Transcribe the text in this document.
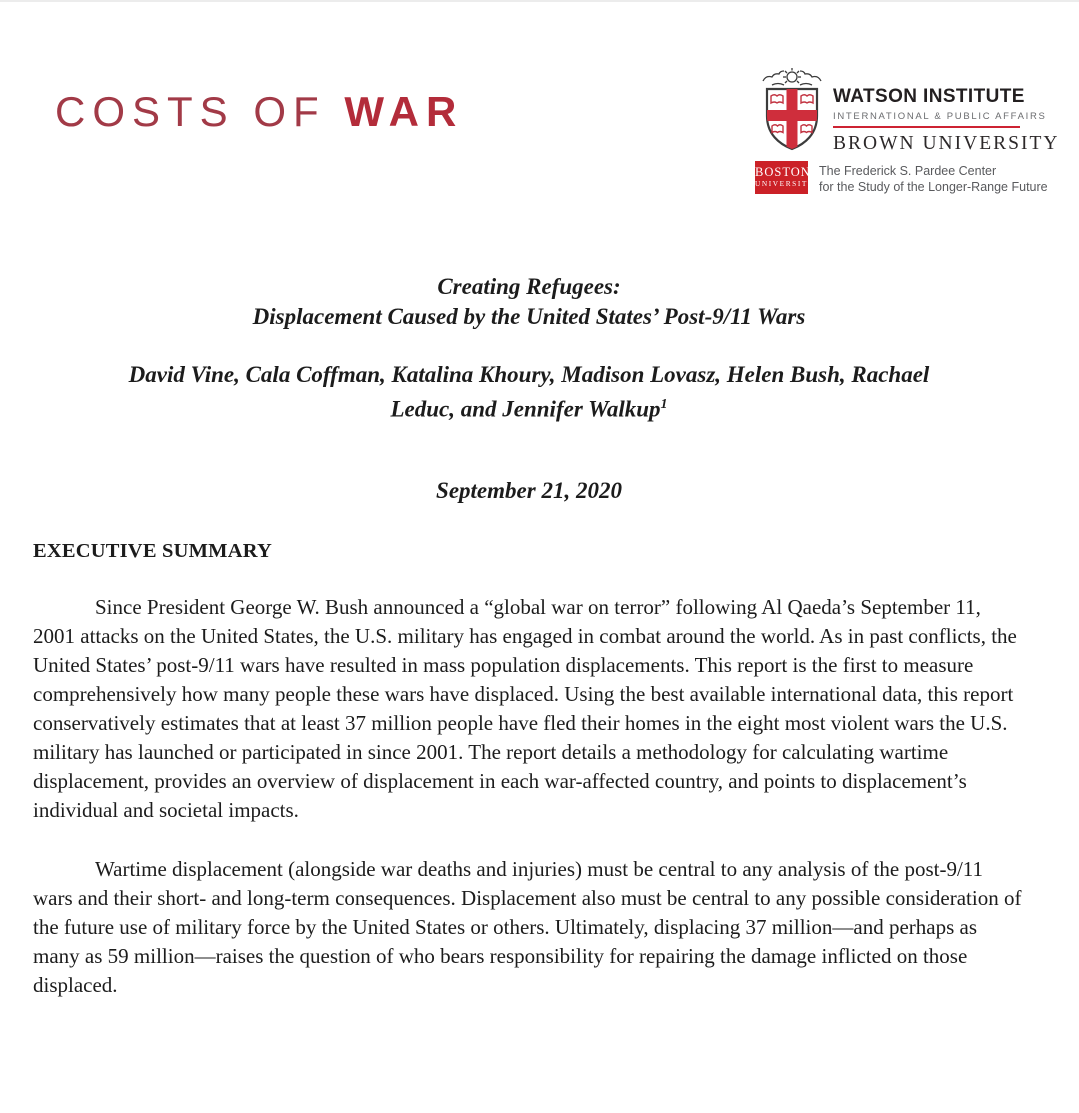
COSTS OF WAR	WATSON INSTITUTE
INTERNATIONAL & PUBLIC AFFAIRS
BROWN UNIVERSITY
BOSTON
UNIVERSITY
The Frederick S. Pardee Center
for the Study of the Longer-Range Future
Creating Refugees:
Displacement Caused by the United States’ Post-9/11 Wars
David Vine, Cala Coffman, Katalina Khoury, Madison Lovasz, Helen Bush, Rachael
Leduc, and Jennifer Walkup$^1$
September 21, 2020
EXECUTIVE SUMMARY

Since President George W. Bush announced a “global war on terror” following Al Qaeda’s September 11, 2001 attacks on the United States, the U.S. military has engaged in combat around the world. As in past conflicts, the United States’ post-9/11 wars have resulted in mass population displacements. This report is the first to measure comprehensively how many people these wars have displaced. Using the best available international data, this report conservatively estimates that at least 37 million people have fled their homes in the eight most violent wars the U.S. military has launched or participated in since 2001. The report details a methodology for calculating wartime displacement, provides an overview of displacement in each war-affected country, and points to displacement’s individual and societal impacts.

Wartime displacement (alongside war deaths and injuries) must be central to any analysis of the post-9/11 wars and their short- and long-term consequences. Displacement also must be central to any possible consideration of the future use of military force by the United States or others. Ultimately, displacing 37 million—and perhaps as many as 59 million—raises the question of who bears responsibility for repairing the damage inflicted on those displaced.
